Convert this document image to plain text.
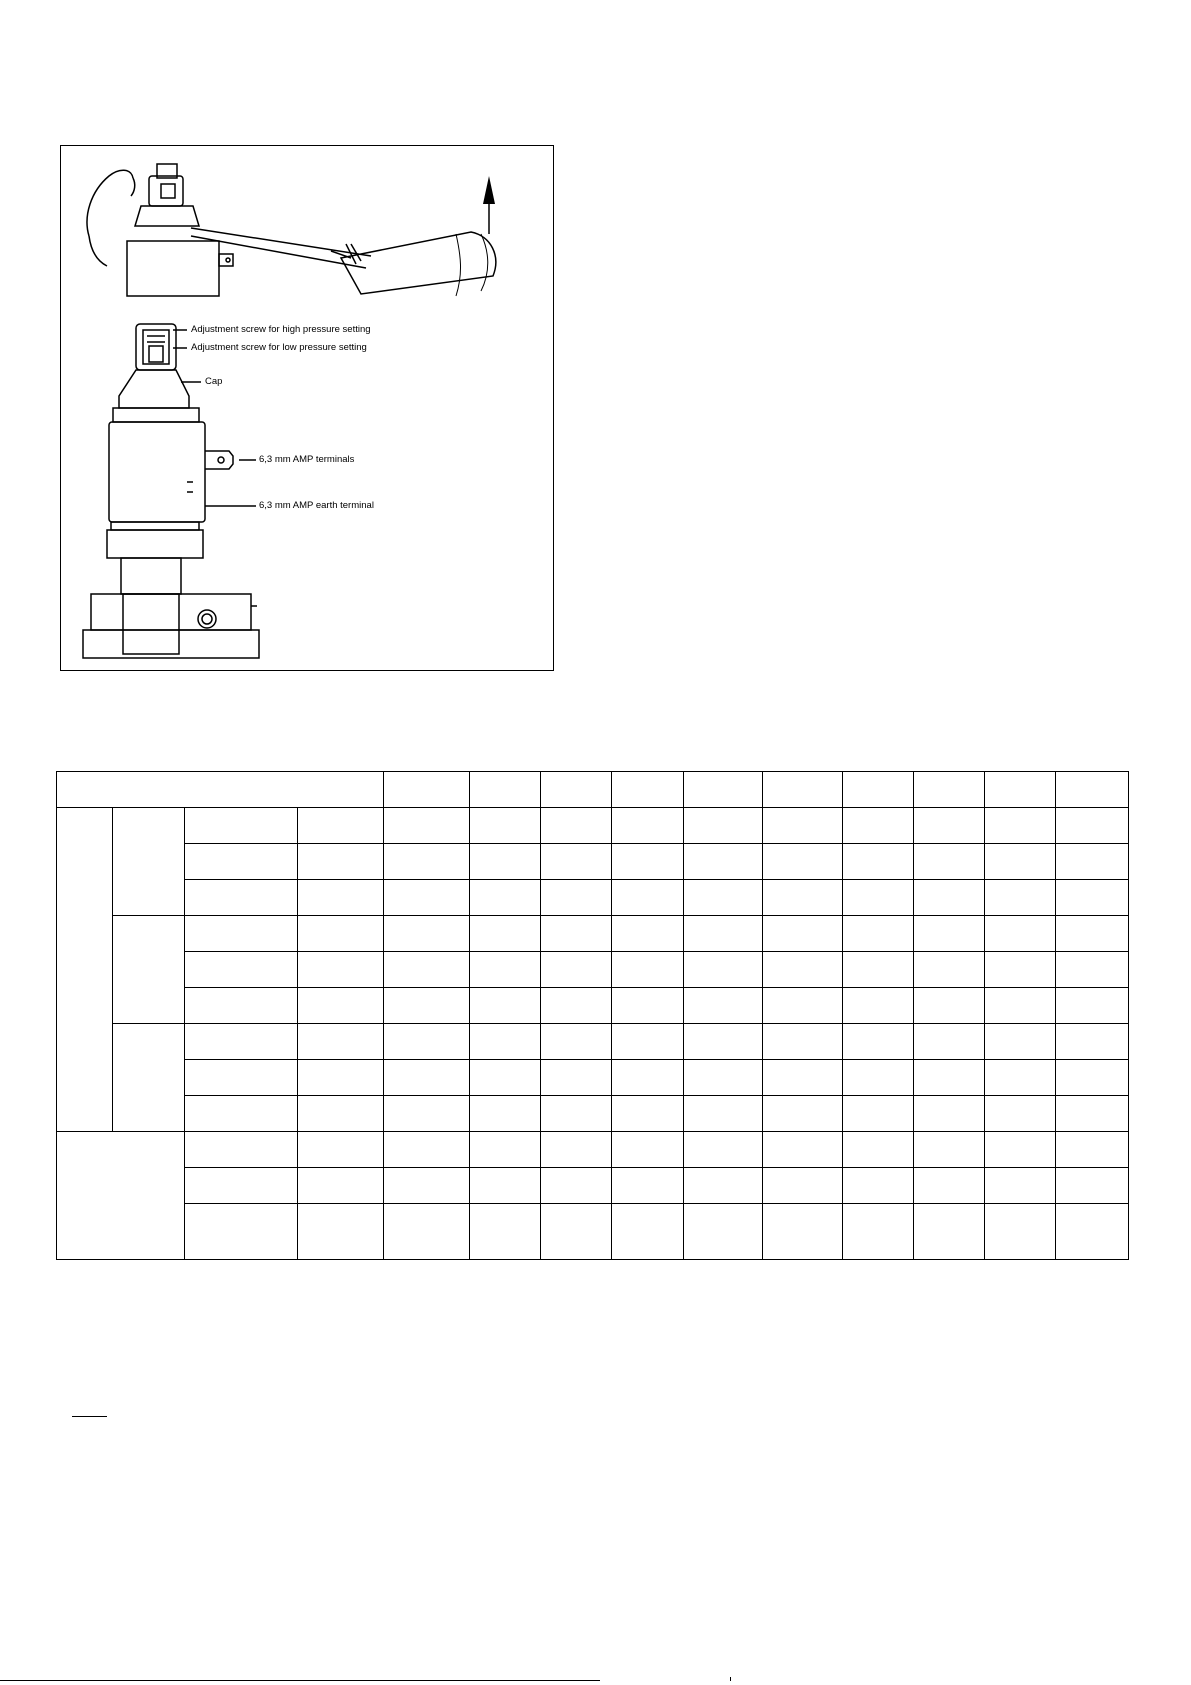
Adjustment screw for high pressure setting
Adjustment screw for low pressure setting
Cap
6,3 mm AMP terminals
6,3 mm AMP earth terminal
